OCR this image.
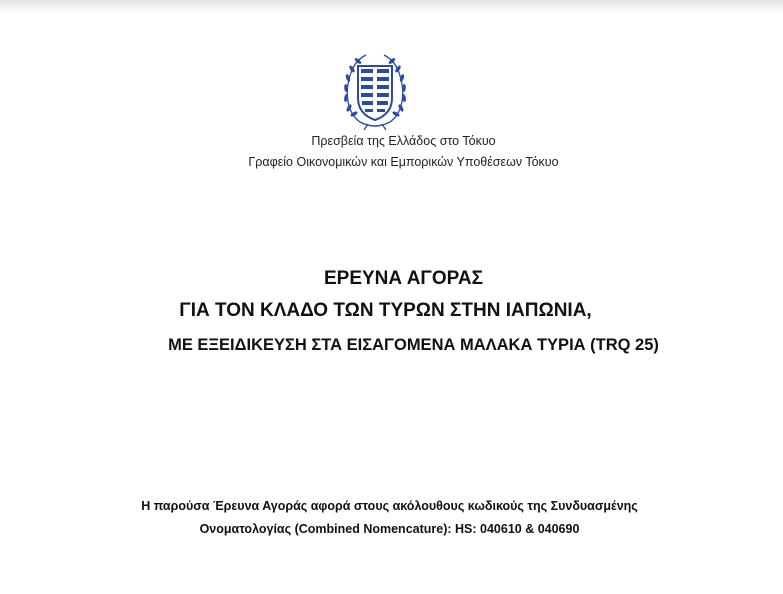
Πρεσβεία της Ελλάδος στο Τόκυο
Γραφείο Οικονομικών και Εμπορικών Υποθέσεων Τόκυο
ΕΡΕΥΝΑ ΑΓΟΡΑΣ
ΓΙΑ ΤΟΝ ΚΛΑΔΟ ΤΩΝ ΤΥΡΩΝ ΣΤΗΝ ΙΑΠΩΝΙΑ,
ΜΕ ΕΞΕΙΔΙΚΕΥΣΗ ΣΤΑ ΕΙΣΑΓΟΜΕΝΑ ΜΑΛΑΚΑ ΤΥΡΙΑ (TRQ 25)
Η παρούσα Έρευνα Αγοράς αφορά στους ακόλουθους κωδικούς της Συνδυασμένης
Ονοματολογίας (Combined Nomencature): HS: 040610 & 040690
